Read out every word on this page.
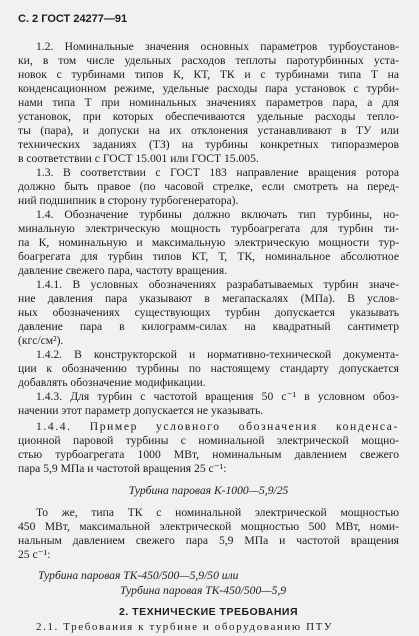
С. 2 ГОСТ 24277—91
1.2. Номинальные значения основных параметров турбоустанов-
ки, в том числе удельных расходов теплоты паротурбинных уста-
новок с турбинами типов К, КТ, ТК и с турбинами типа Т на
конденсационном режиме, удельные расходы пара установок с турби-
нами типа Т при номинальных значениях параметров пара, а для
установок, при которых обеспечиваются удельные расходы тепло-
ты (пара), и допуски на их отклонения устанавливают в ТУ или
технических заданиях (ТЗ) на турбины конкретных типоразмеров
в соответствии с ГОСТ 15.001 или ГОСТ 15.005.
1.3. В соответствии с ГОСТ 183 направление вращения ротора
должно быть правое (по часовой стрелке, если смотреть на перед-
ний подшипник в сторону турбогенератора).
1.4. Обозначение турбины должно включать тип турбины, но-
минальную электрическую мощность турбоагрегата для турбин ти-
па К, номинальную и максимальную электрическую мощности тур-
боагрегата для турбин типов КТ, Т, ТК, номинальное абсолютное
давление свежего пара, частоту вращения.
1.4.1. В условных обозначениях разрабатываемых турбин значе-
ние давления пара указывают в мегапаскалях (МПа). В услов-
ных обозначениях существующих турбин допускается указывать
давление пара в килограмм-силах на квадратный сантиметр
(кгс/см²).
1.4.2. В конструкторской и нормативно-технической документа-
ции к обозначению турбины по настоящему стандарту допускается
добавлять обозначение модификации.
1.4.3. Для турбин с частотой вращения 50 с⁻¹ в условном обоз-
начении этот параметр допускается не указывать.
1.4.4. Пример условного обозначения конденса-
ционной паровой турбины с номинальной электрической мощно-
стью турбоагрегата 1000 МВт, номинальным давлением свежего
пара 5,9 МПа и частотой вращения 25 с⁻¹:
Турбина паровая К-1000—5,9/25
То же, типа ТК с номинальной электрической мощностью
450 МВт, максимальной электрической мощностью 500 МВт, номи-
нальным давлением свежего пара 5,9 МПа и частотой вращения
25 с⁻¹:
Турбина паровая ТК-450/500—5,9/50 или
Турбина паровая ТК-450/500—5,9
2. ТЕХНИЧЕСКИЕ ТРЕБОВАНИЯ
2.1. Требования к турбине и оборудованию ПТУ
